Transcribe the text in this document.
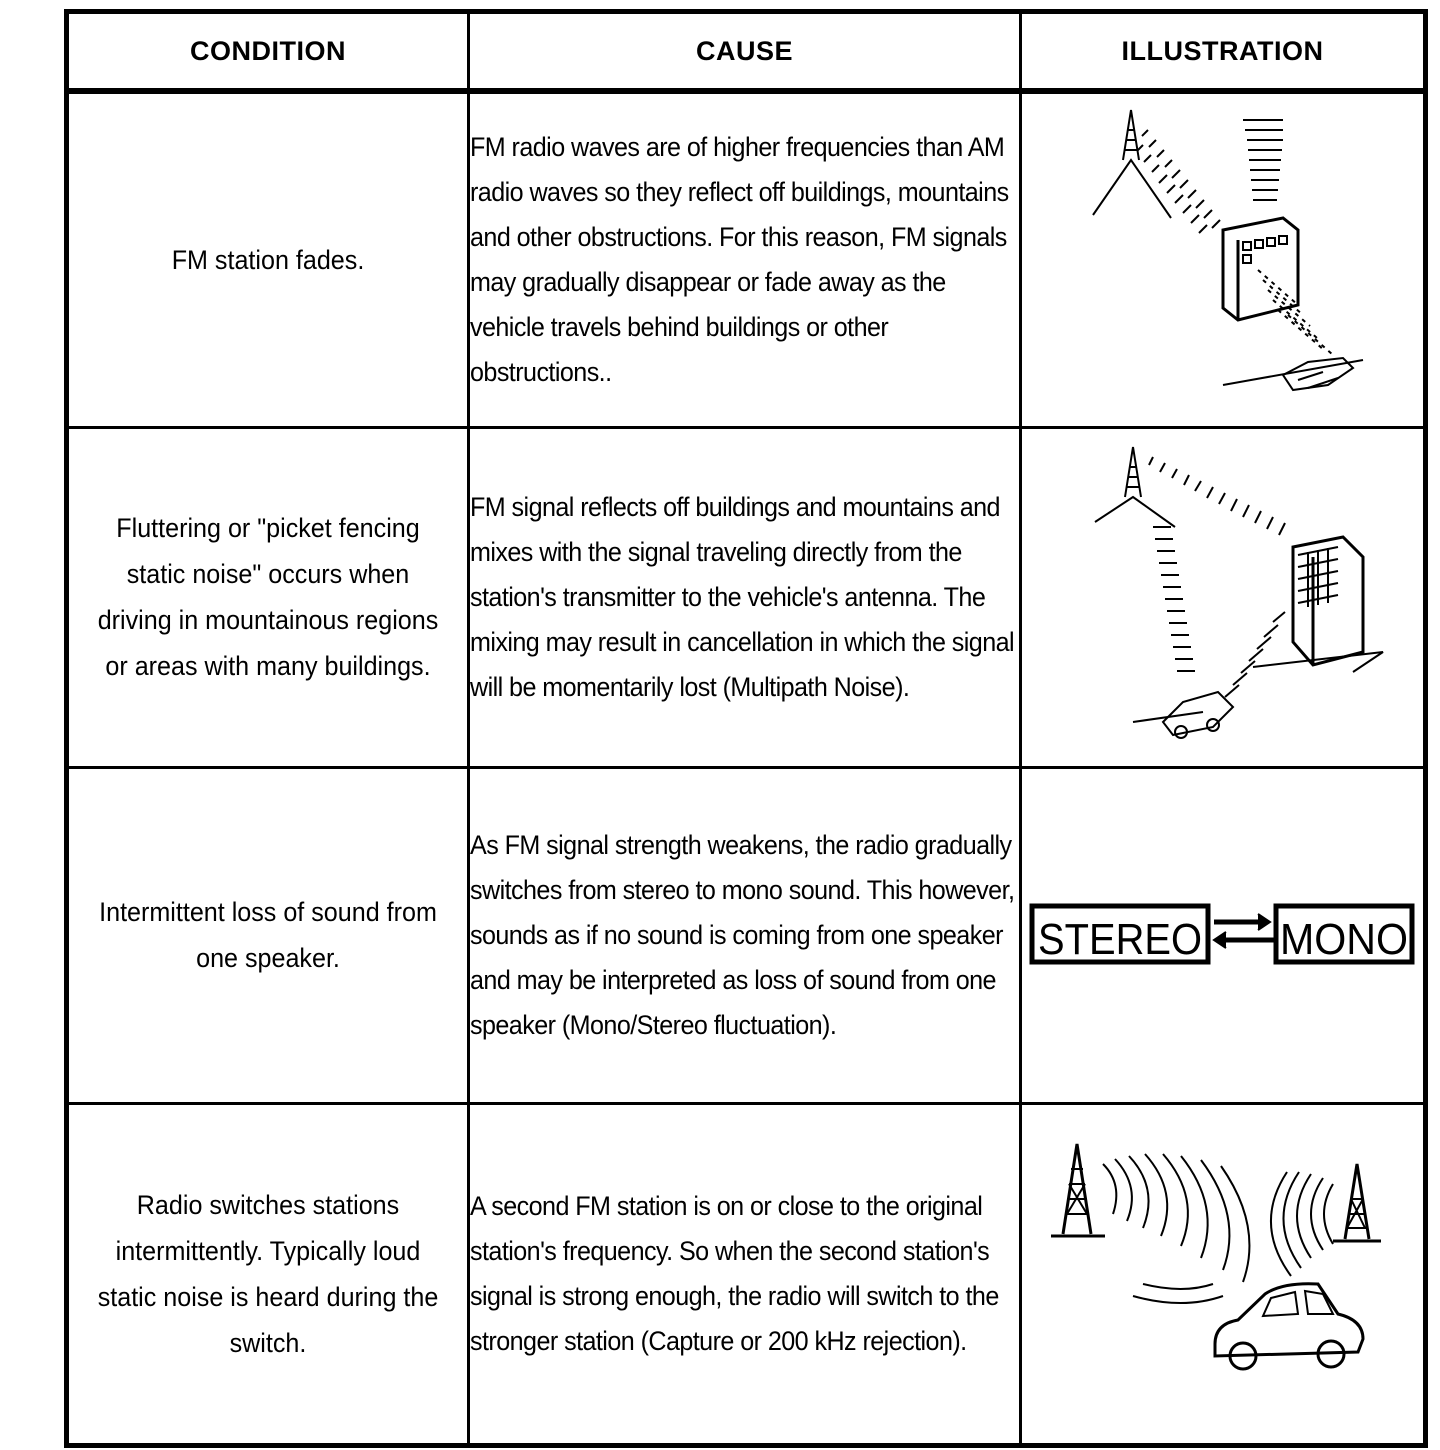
CONDITION	CAUSE	ILLUSTRATION
FM station fades.	FM radio waves are of higher frequencies than AM radio waves so they reflect off buildings, mountains and other obstructions. For this reason, FM signals may gradually disappear or fade away as the vehicle travels behind buildings or other obstructions..

Fluttering or "picket fencing static noise" occurs when driving in mountainous regions or areas with many buildings.	FM signal reflects off buildings and mountains and mixes with the signal traveling directly from the station's transmitter to the vehicle's antenna. The mixing may result in cancellation in which the signal will be momentarily lost (Multipath Noise).

Intermittent loss of sound from one speaker.	As FM signal strength weakens, the radio gradually switches from stereo to mono sound. This however, sounds as if no sound is coming from one speaker and may be interpreted as loss of sound from one speaker (Mono/Stereo fluctuation).	STEREO MONO

Radio switches stations intermittently. Typically loud static noise is heard during the switch.	A second FM station is on or close to the original station's frequency. So when the second station's signal is strong enough, the radio will switch to the stronger station (Capture or 200 kHz rejection).
